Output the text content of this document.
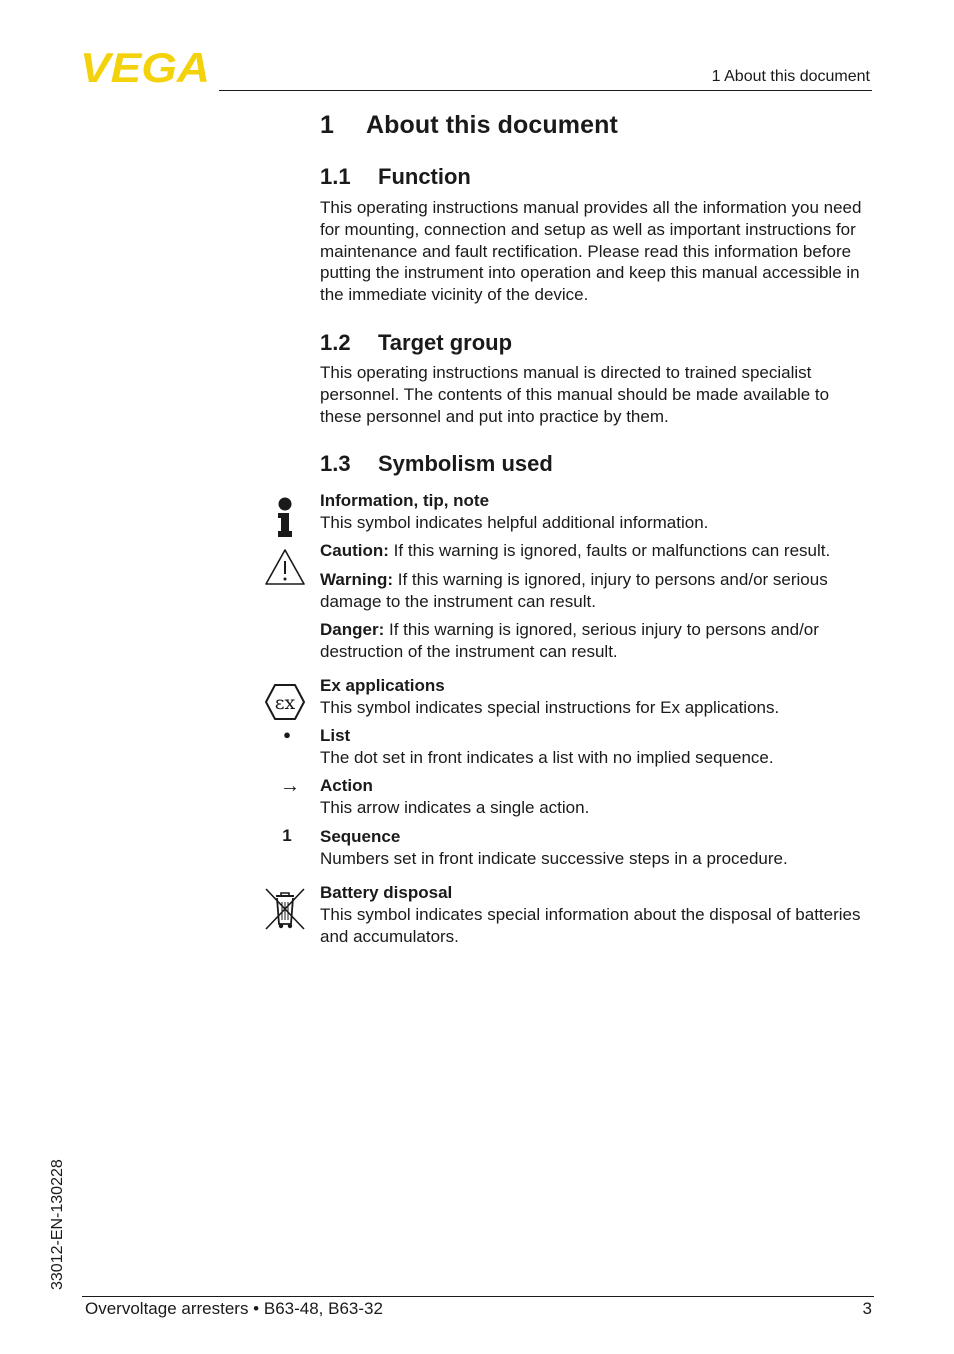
VEGA	1 About this document
1 About this document
1.1 Function

This operating instructions manual provides all the information you need for mounting, connection and setup as well as important instructions for maintenance and fault rectification. Please read this information before putting the instrument into operation and keep this manual accessible in the immediate vicinity of the device.

1.2 Target group

This operating instructions manual is directed to trained specialist personnel. The contents of this manual should be made available to these personnel and put into practice by them.

1.3 Symbolism used

Information, tip, note

This symbol indicates helpful additional information.

Caution: If this warning is ignored, faults or malfunctions can result.

Warning: If this warning is ignored, injury to persons and/or serious damage to the instrument can result.

Danger: If this warning is ignored, serious injury to persons and/or destruction of the instrument can result.

εx

Ex applications

This symbol indicates special instructions for Ex applications.

●	List

The dot set in front indicates a list with no implied sequence.

→	Action

This arrow indicates a single action.

1	Sequence

Numbers set in front indicate successive steps in a procedure.

Battery disposal

This symbol indicates special information about the disposal of batteries and accumulators.

33012-EN-130228
Overvoltage arresters • B63-48, B63-32	3
